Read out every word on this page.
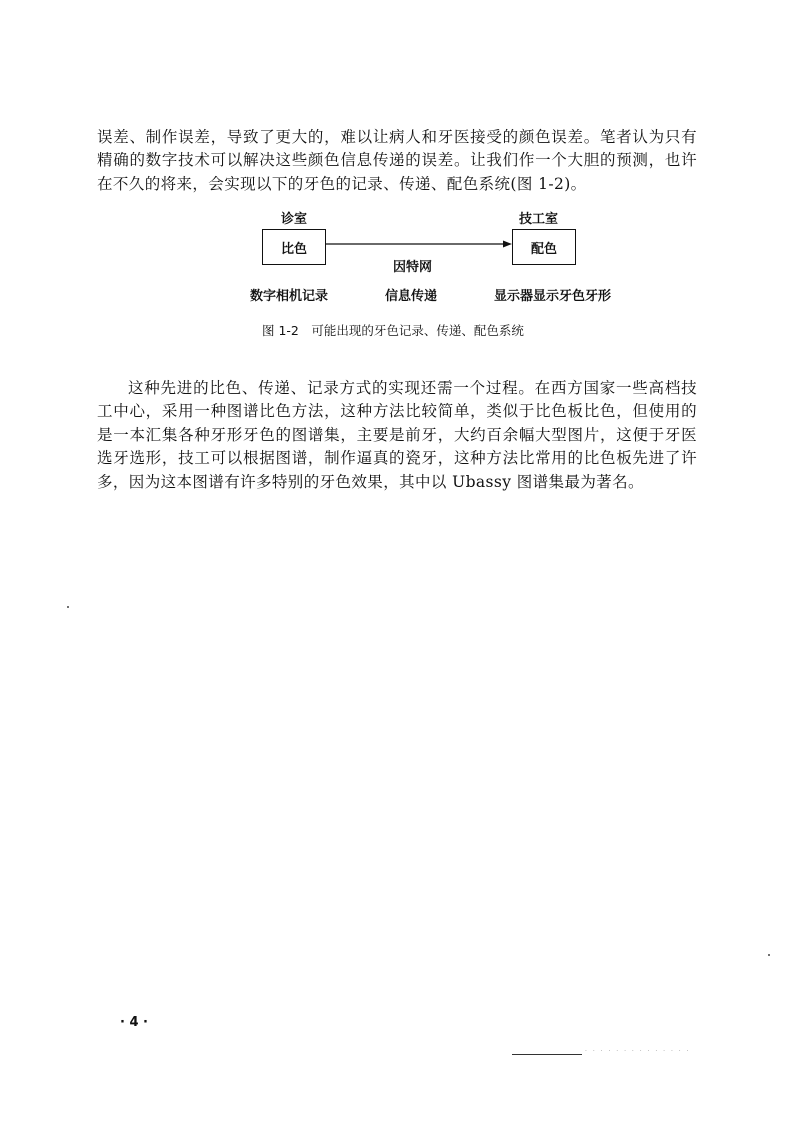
误差、制作误差，导致了更大的，难以让病人和牙医接受的颜色误差。笔者认为只有精确的数字技术可以解决这些颜色信息传递的误差。让我们作一个大胆的预测，也许在不久的将来，会实现以下的牙色的记录、传递、配色系统(图 1-2)。

诊室	技工室
比色	配色
因特网
数字相机记录	信息传递	显示器显示牙色牙形
图 1-2　可能出现的牙色记录、传递、配色系统

这种先进的比色、传递、记录方式的实现还需一个过程。在西方国家一些高档技工中心，采用一种图谱比色方法，这种方法比较简单，类似于比色板比色，但使用的是一本汇集各种牙形牙色的图谱集，主要是前牙，大约百余幅大型图片，这便于牙医选牙选形，技工可以根据图谱，制作逼真的瓷牙，这种方法比常用的比色板先进了许多，因为这本图谱有许多特别的牙色效果，其中以 Ubassy 图谱集最为著名。

· 4 ·
· · · · · · · · · · · · · ·
